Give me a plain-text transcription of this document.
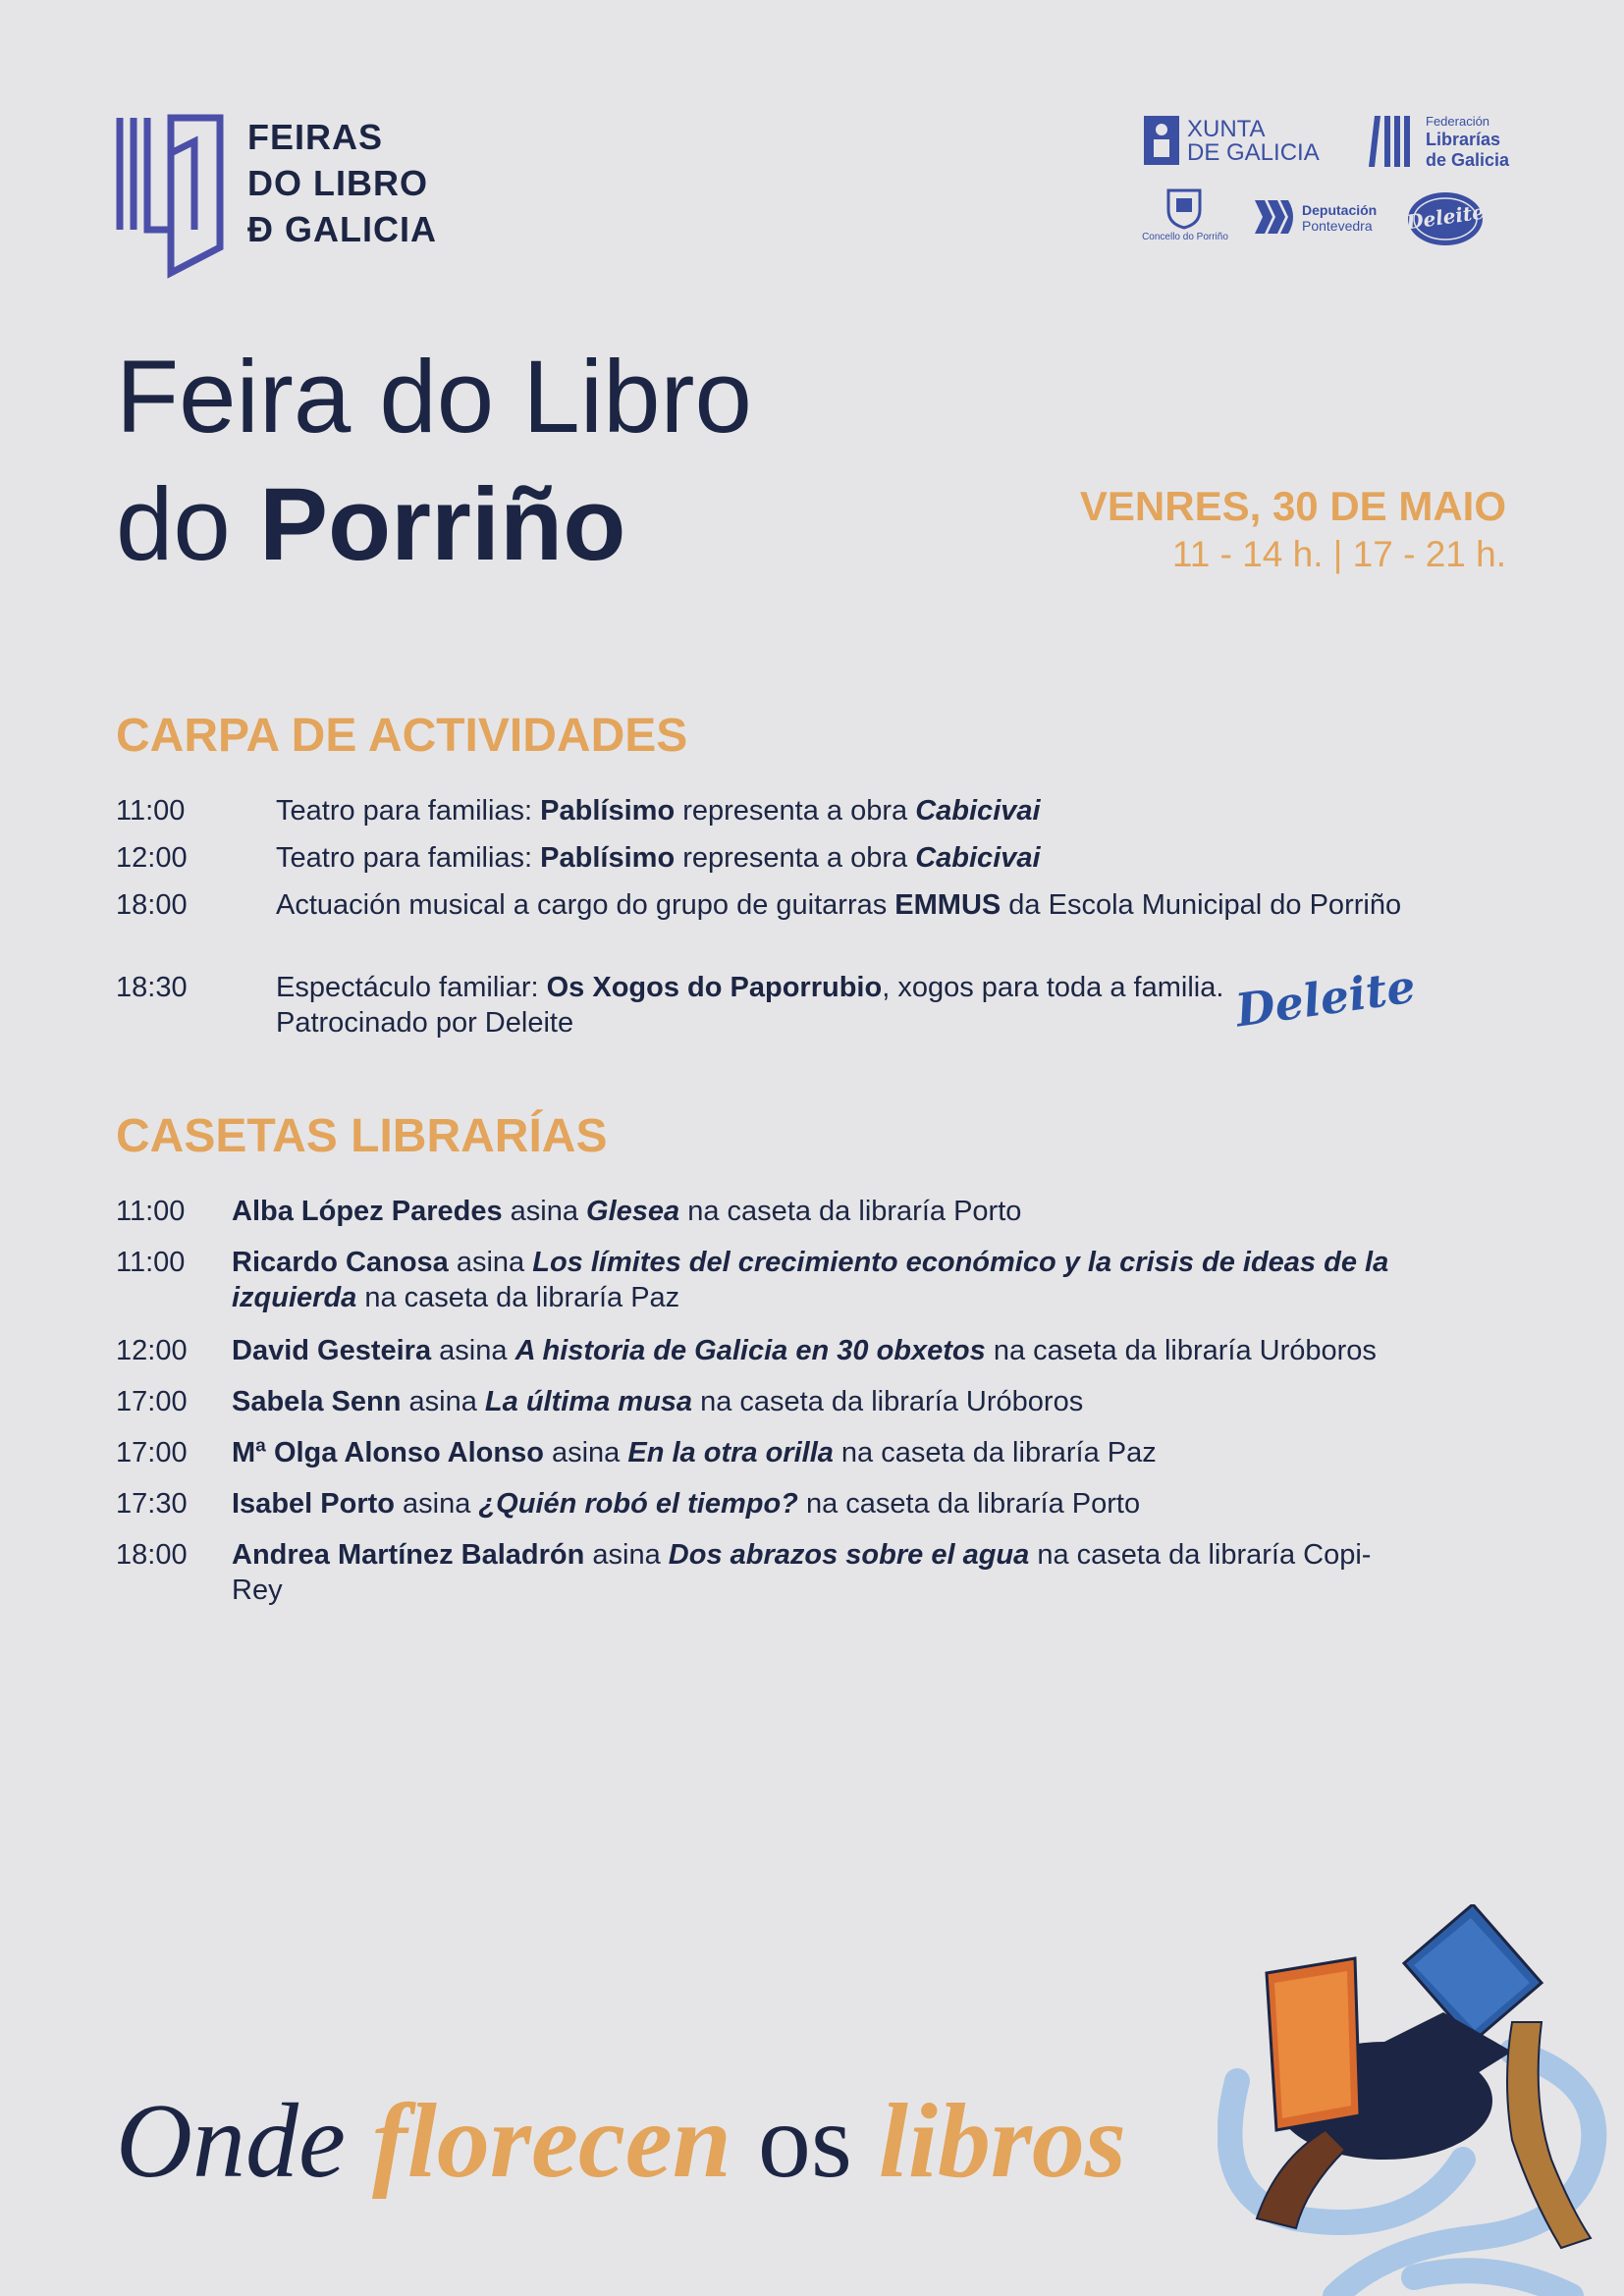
FEIRAS
DO LIBRO
Ð GALICIA
XUNTA
DE GALICIA
Federación
Librarías
de Galicia
Concello do Porriño
Deputación
Pontevedra Deleite
Feira do Libro
do Porriño	VENRES, 30 DE MAIO
11 - 14 h. | 17 - 21 h.
CARPA DE ACTIVIDADES
11:00	Teatro para familias: Pablísimo representa a obra Cabicivai
12:00	Teatro para familias: Pablísimo representa a obra Cabicivai
18:00	Actuación musical a cargo do grupo de guitarras EMMUS da Escola Municipal do Porriño
18:30	Espectáculo familiar: Os Xogos do Paporrubio, xogos para toda a familia.
Patrocinado por Deleite	Deleite
CASETAS LIBRARÍAS
11:00 Alba López Paredes asina Glesea na caseta da libraría Porto
11:00 Ricardo Canosa asina Los límites del crecimiento económico y la crisis de ideas de la izquierda na caseta da libraría Paz
12:00 David Gesteira asina A historia de Galicia en 30 obxetos na caseta da libraría Uróboros
17:00 Sabela Senn asina La última musa na caseta da libraría Uróboros
17:00 Mª Olga Alonso Alonso asina En la otra orilla na caseta da libraría Paz
17:30 Isabel Porto asina ¿Quién robó el tiempo? na caseta da libraría Porto
18:00 Andrea Martínez Baladrón asina Dos abrazos sobre el agua na caseta da libraría Copi-Rey
Onde florecen os libros
